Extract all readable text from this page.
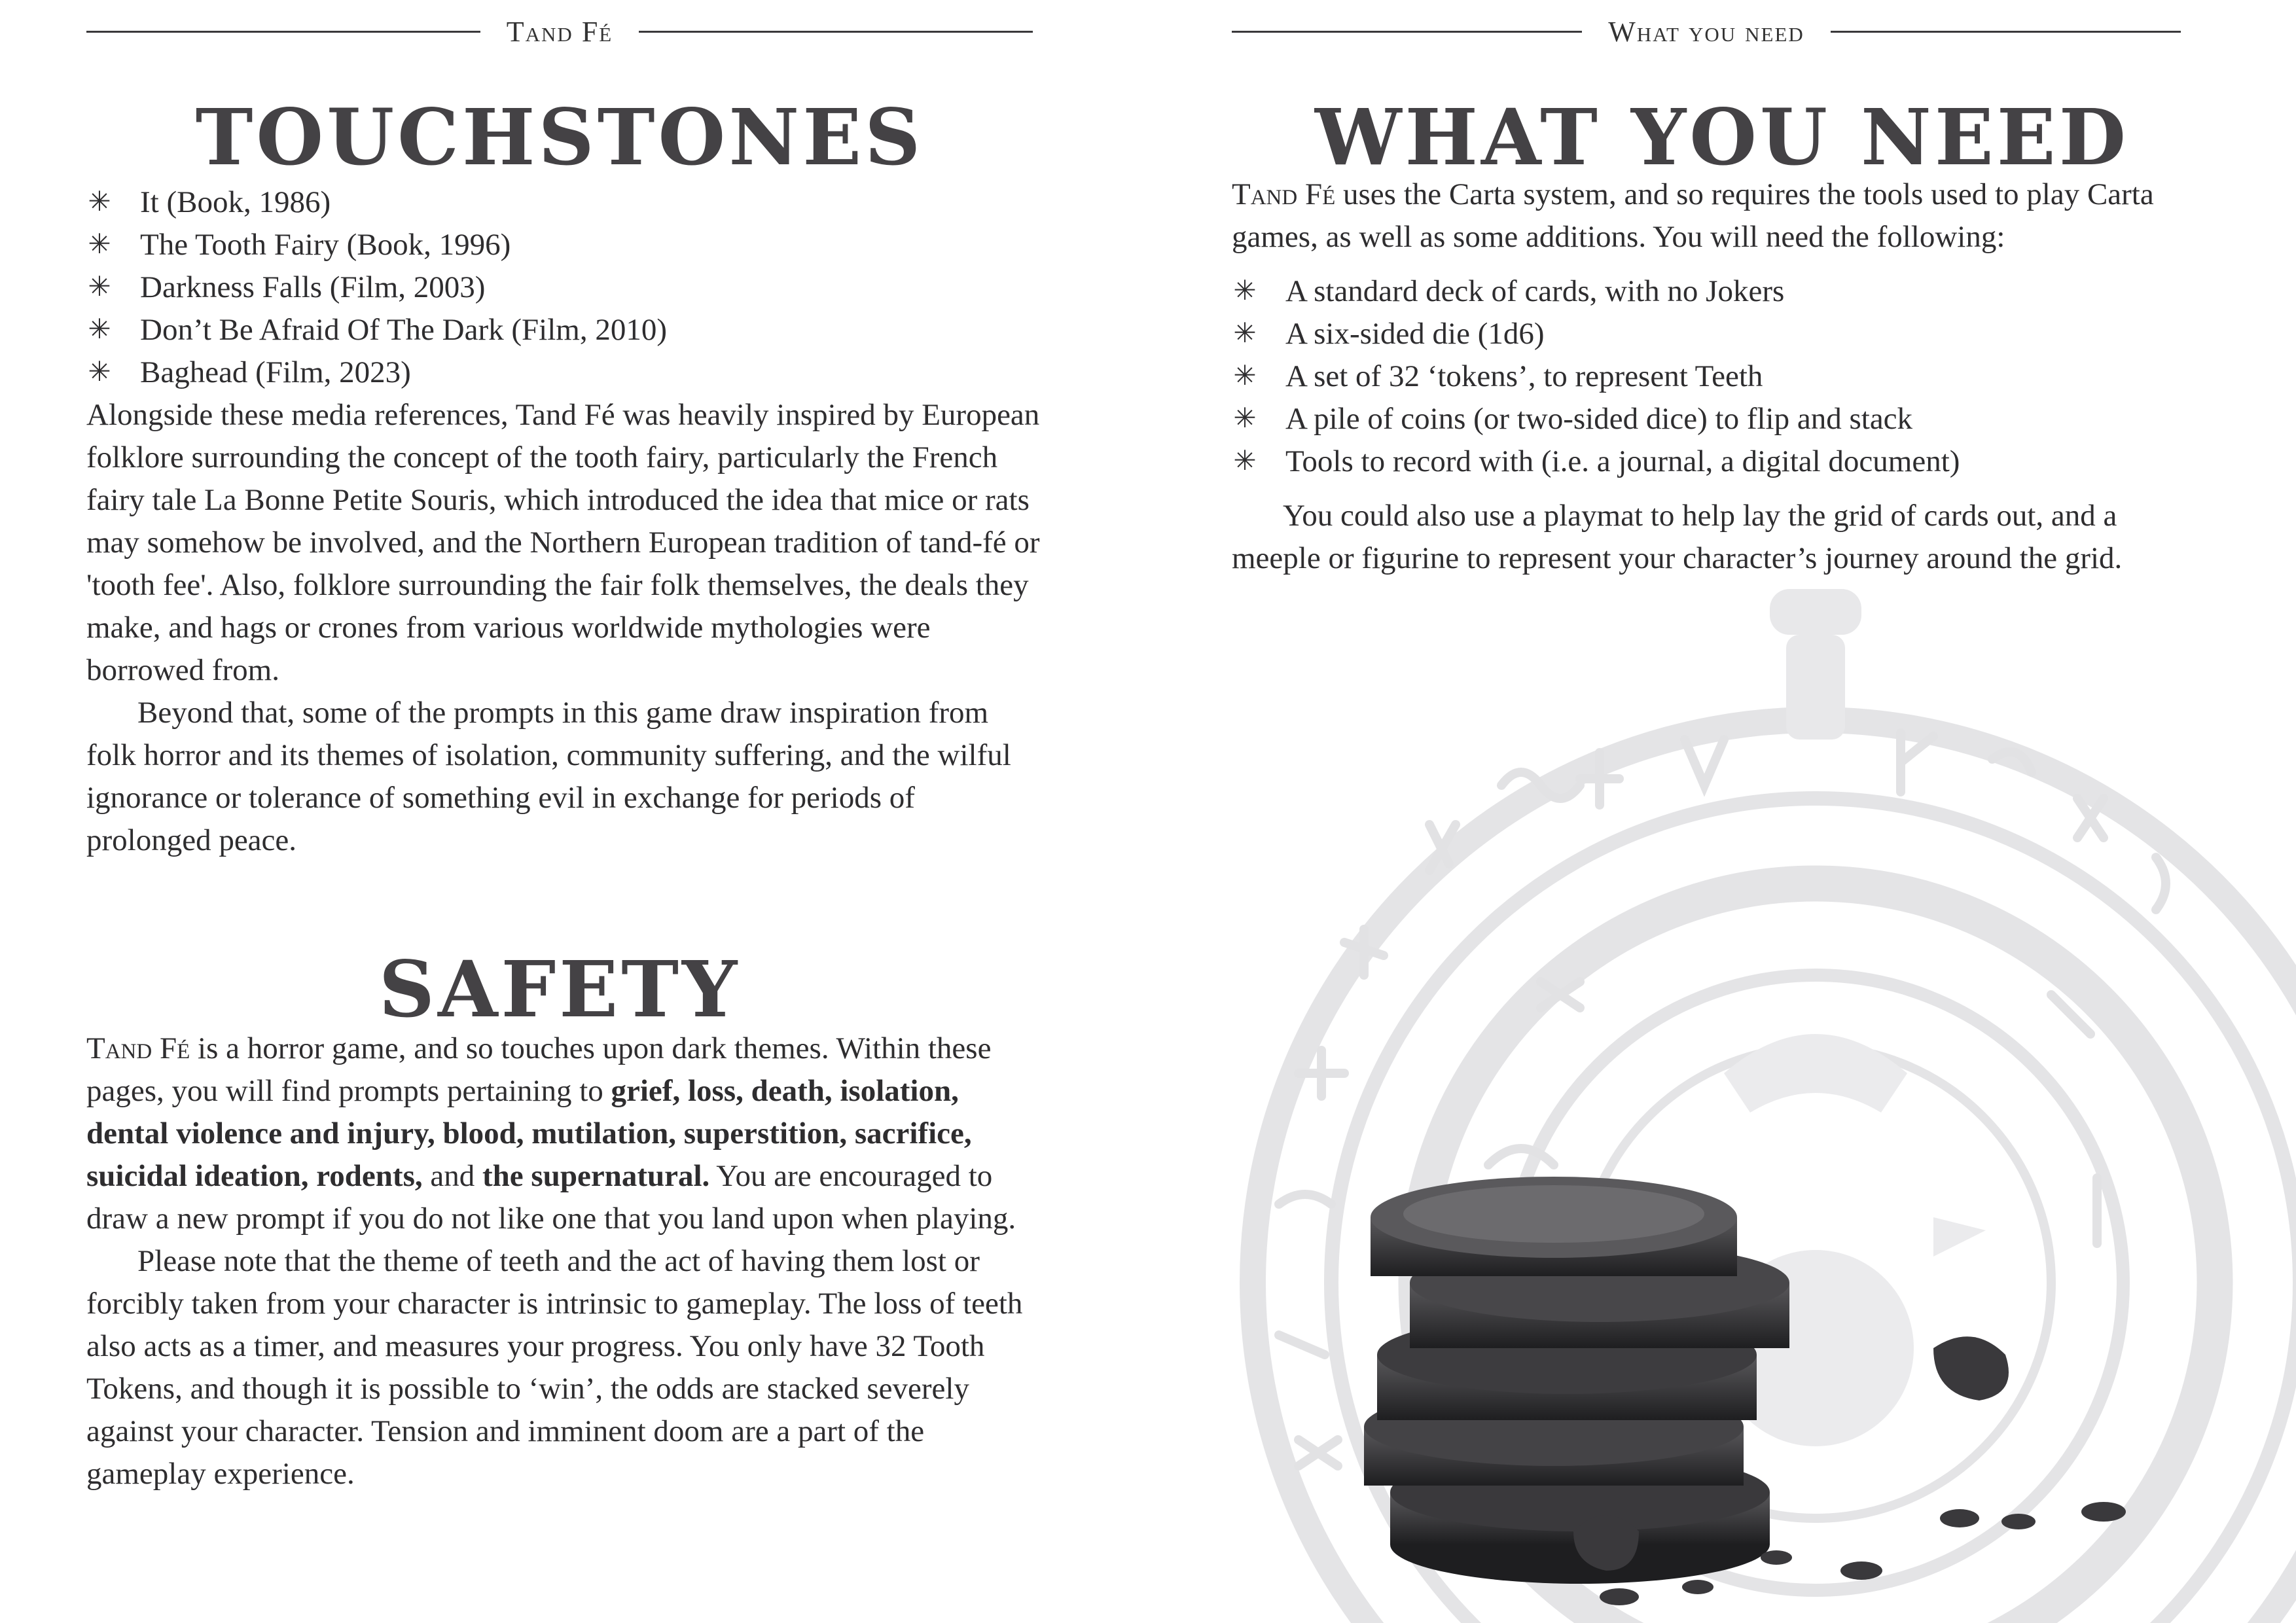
Tand Fé
TOUCHSTONES
✳ It (Book, 1986)
✳ The Tooth Fairy (Book, 1996)
✳ Darkness Falls (Film, 2003)
✳ Don’t Be Afraid Of The Dark (Film, 2010)
✳ Baghead (Film, 2023)

Alongside these media references, Tand Fé was heavily inspired by European folklore surrounding the concept of the tooth fairy, particularly the French fairy tale La Bonne Petite Souris, which introduced the idea that mice or rats may somehow be involved, and the Northern European tradition of tand-fé or 'tooth fee'. Also, folklore surrounding the fair folk themselves, the deals they make, and hags or crones from various worldwide mythologies were borrowed from.

Beyond that, some of the prompts in this game draw inspiration from folk horror and its themes of isolation, community suffering, and the wilful ignorance or tolerance of something evil in exchange for periods of prolonged peace.

SAFETY

Tand Fé is a horror game, and so touches upon dark themes. Within these pages, you will find prompts pertaining to grief, loss, death, isolation, dental violence and injury, blood, mutilation, superstition, sacrifice, suicidal ideation, rodents, and the supernatural. You are encouraged to draw a new prompt if you do not like one that you land upon when playing.

Please note that the theme of teeth and the act of having them lost or forcibly taken from your character is intrinsic to gameplay. The loss of teeth also acts as a timer, and measures your progress. You only have 32 Tooth Tokens, and though it is possible to ‘win’, the odds are stacked severely against your character. Tension and imminent doom are a part of the gameplay experience.

What you need
WHAT YOU NEED

Tand Fé uses the Carta system, and so requires the tools used to play Carta games, as well as some additions. You will need the following:

✳ A standard deck of cards, with no Jokers
✳ A six-sided die (1d6)
✳ A set of 32 ‘tokens’, to represent Teeth
✳ A pile of coins (or two-sided dice) to flip and stack
✳ Tools to record with (i.e. a journal, a digital document)

You could also use a playmat to help lay the grid of cards out, and a meeple or figurine to represent your character’s journey around the grid.
